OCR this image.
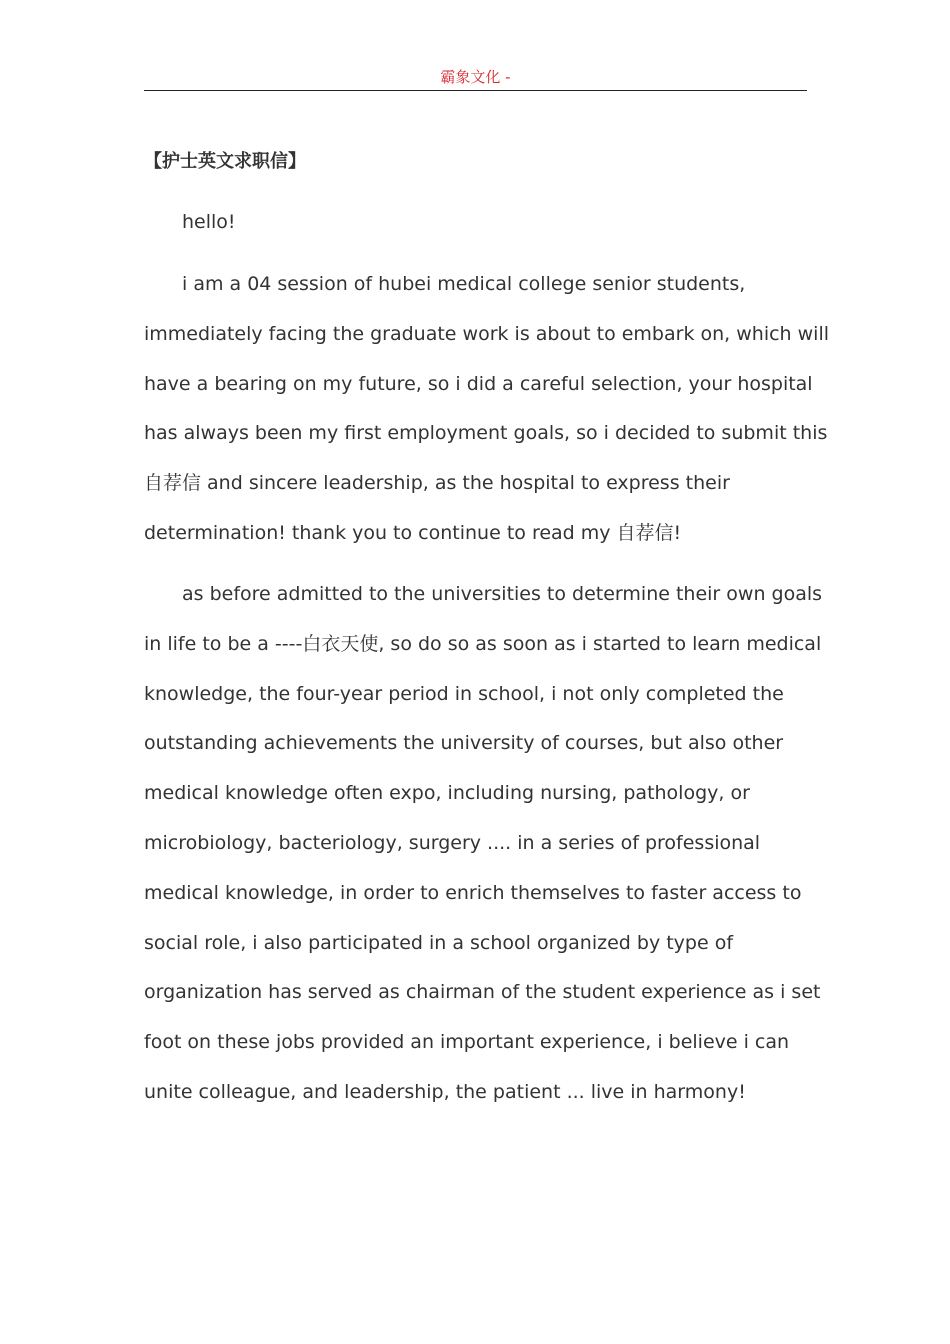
霸象文化 -
【护士英文求职信】
hello!
i am a 04 session of hubei medical college senior students,
immediately facing the graduate work is about to embark on, which will
have a bearing on my future, so i did a careful selection, your hospital
has always been my first employment goals, so i decided to submit this
自荐信 and sincere leadership, as the hospital to express their
determination! thank you to continue to read my 自荐信!
as before admitted to the universities to determine their own goals
in life to be a ----白衣天使, so do so as soon as i started to learn medical
knowledge, the four-year period in school, i not only completed the
outstanding achievements the university of courses, but also other
medical knowledge often expo, including nursing, pathology, or
microbiology, bacteriology, surgery .... in a series of professional
medical knowledge, in order to enrich themselves to faster access to
social role, i also participated in a school organized by type of
organization has served as chairman of the student experience as i set
foot on these jobs provided an important experience, i believe i can
unite colleague, and leadership, the patient ... live in harmony!
